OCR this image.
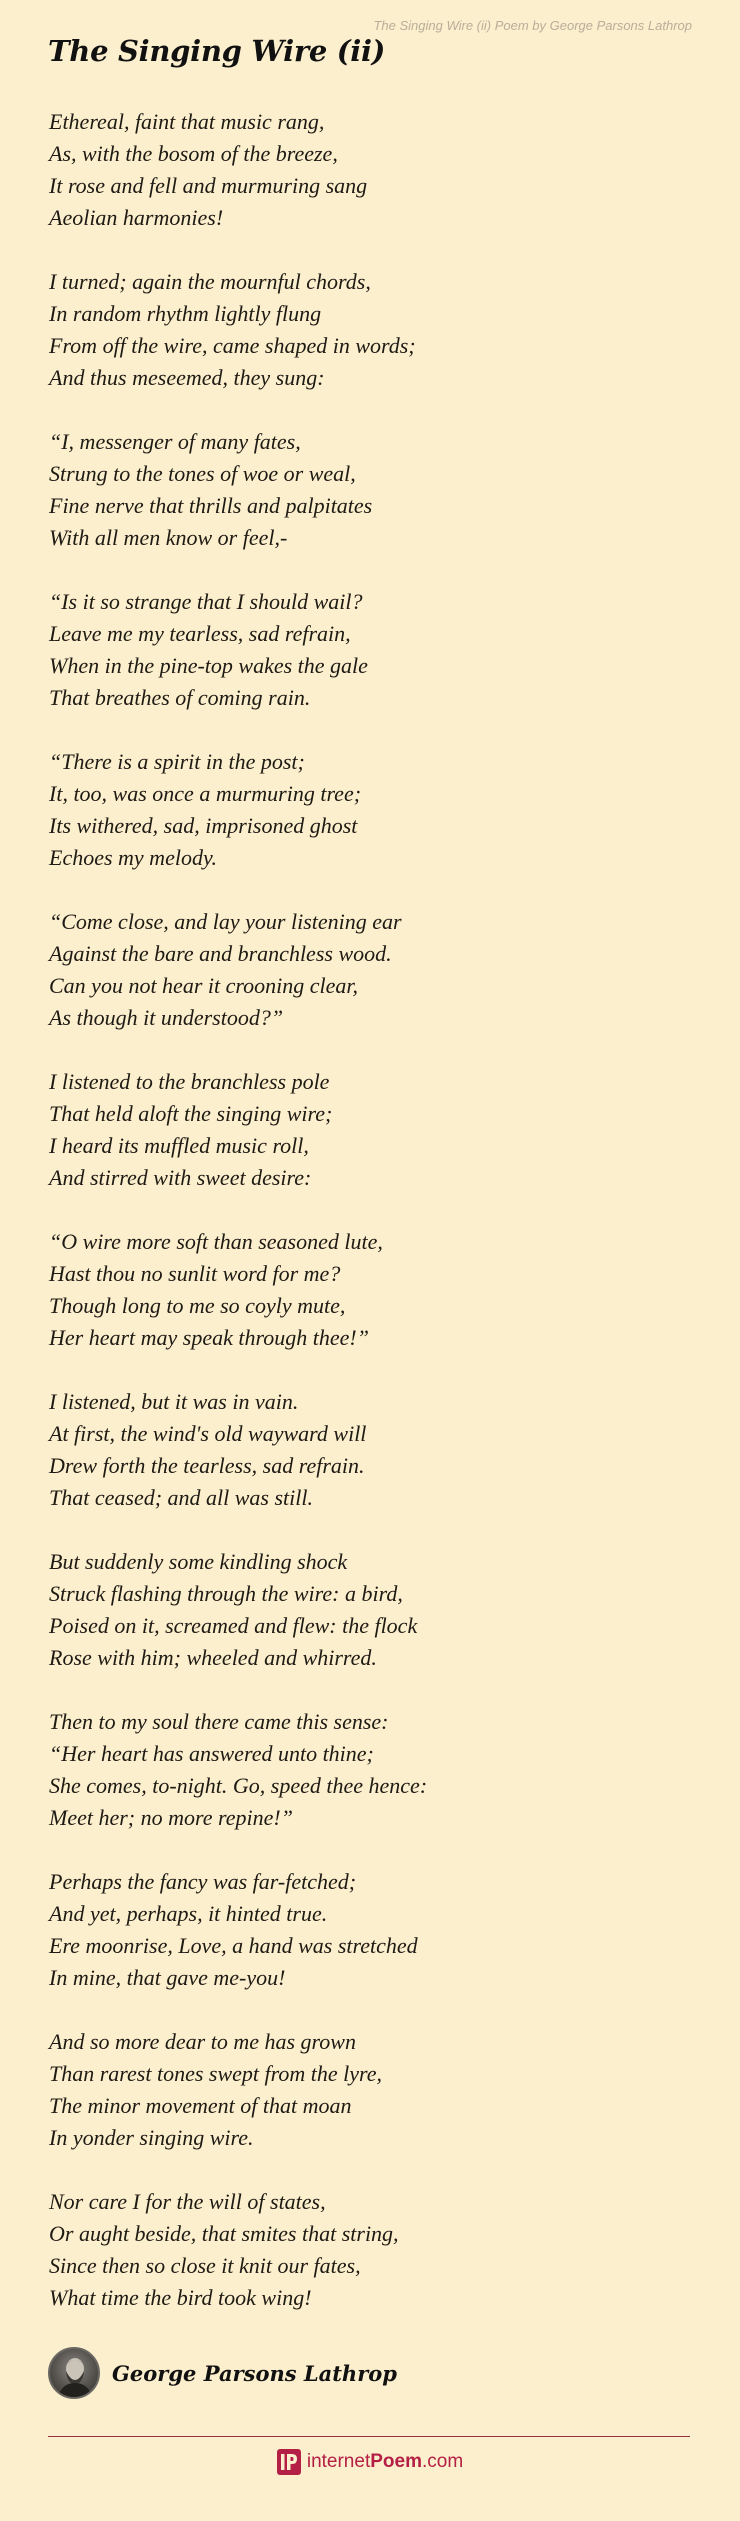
The Singing Wire (ii) Poem by George Parsons Lathrop
The Singing Wire (ii)
Ethereal, faint that music rang,
As, with the bosom of the breeze,
It rose and fell and murmuring sang
Aeolian harmonies!
I turned; again the mournful chords,
In random rhythm lightly flung
From off the wire, came shaped in words;
And thus meseemed, they sung:
“I, messenger of many fates,
Strung to the tones of woe or weal,
Fine nerve that thrills and palpitates
With all men know or feel,-
“Is it so strange that I should wail?
Leave me my tearless, sad refrain,
When in the pine-top wakes the gale
That breathes of coming rain.
“There is a spirit in the post;
It, too, was once a murmuring tree;
Its withered, sad, imprisoned ghost
Echoes my melody.
“Come close, and lay your listening ear
Against the bare and branchless wood.
Can you not hear it crooning clear,
As though it understood?”
I listened to the branchless pole
That held aloft the singing wire;
I heard its muffled music roll,
And stirred with sweet desire:
“O wire more soft than seasoned lute,
Hast thou no sunlit word for me?
Though long to me so coyly mute,
Her heart may speak through thee!”
I listened, but it was in vain.
At first, the wind's old wayward will
Drew forth the tearless, sad refrain.
That ceased; and all was still.
But suddenly some kindling shock
Struck flashing through the wire: a bird,
Poised on it, screamed and flew: the flock
Rose with him; wheeled and whirred.
Then to my soul there came this sense:
“Her heart has answered unto thine;
She comes, to-night. Go, speed thee hence:
Meet her; no more repine!”
Perhaps the fancy was far-fetched;
And yet, perhaps, it hinted true.
Ere moonrise, Love, a hand was stretched
In mine, that gave me-you!
And so more dear to me has grown
Than rarest tones swept from the lyre,
The minor movement of that moan
In yonder singing wire.
Nor care I for the will of states,
Or aught beside, that smites that string,
Since then so close it knit our fates,
What time the bird took wing!
George Parsons Lathrop
internetPoem.com
